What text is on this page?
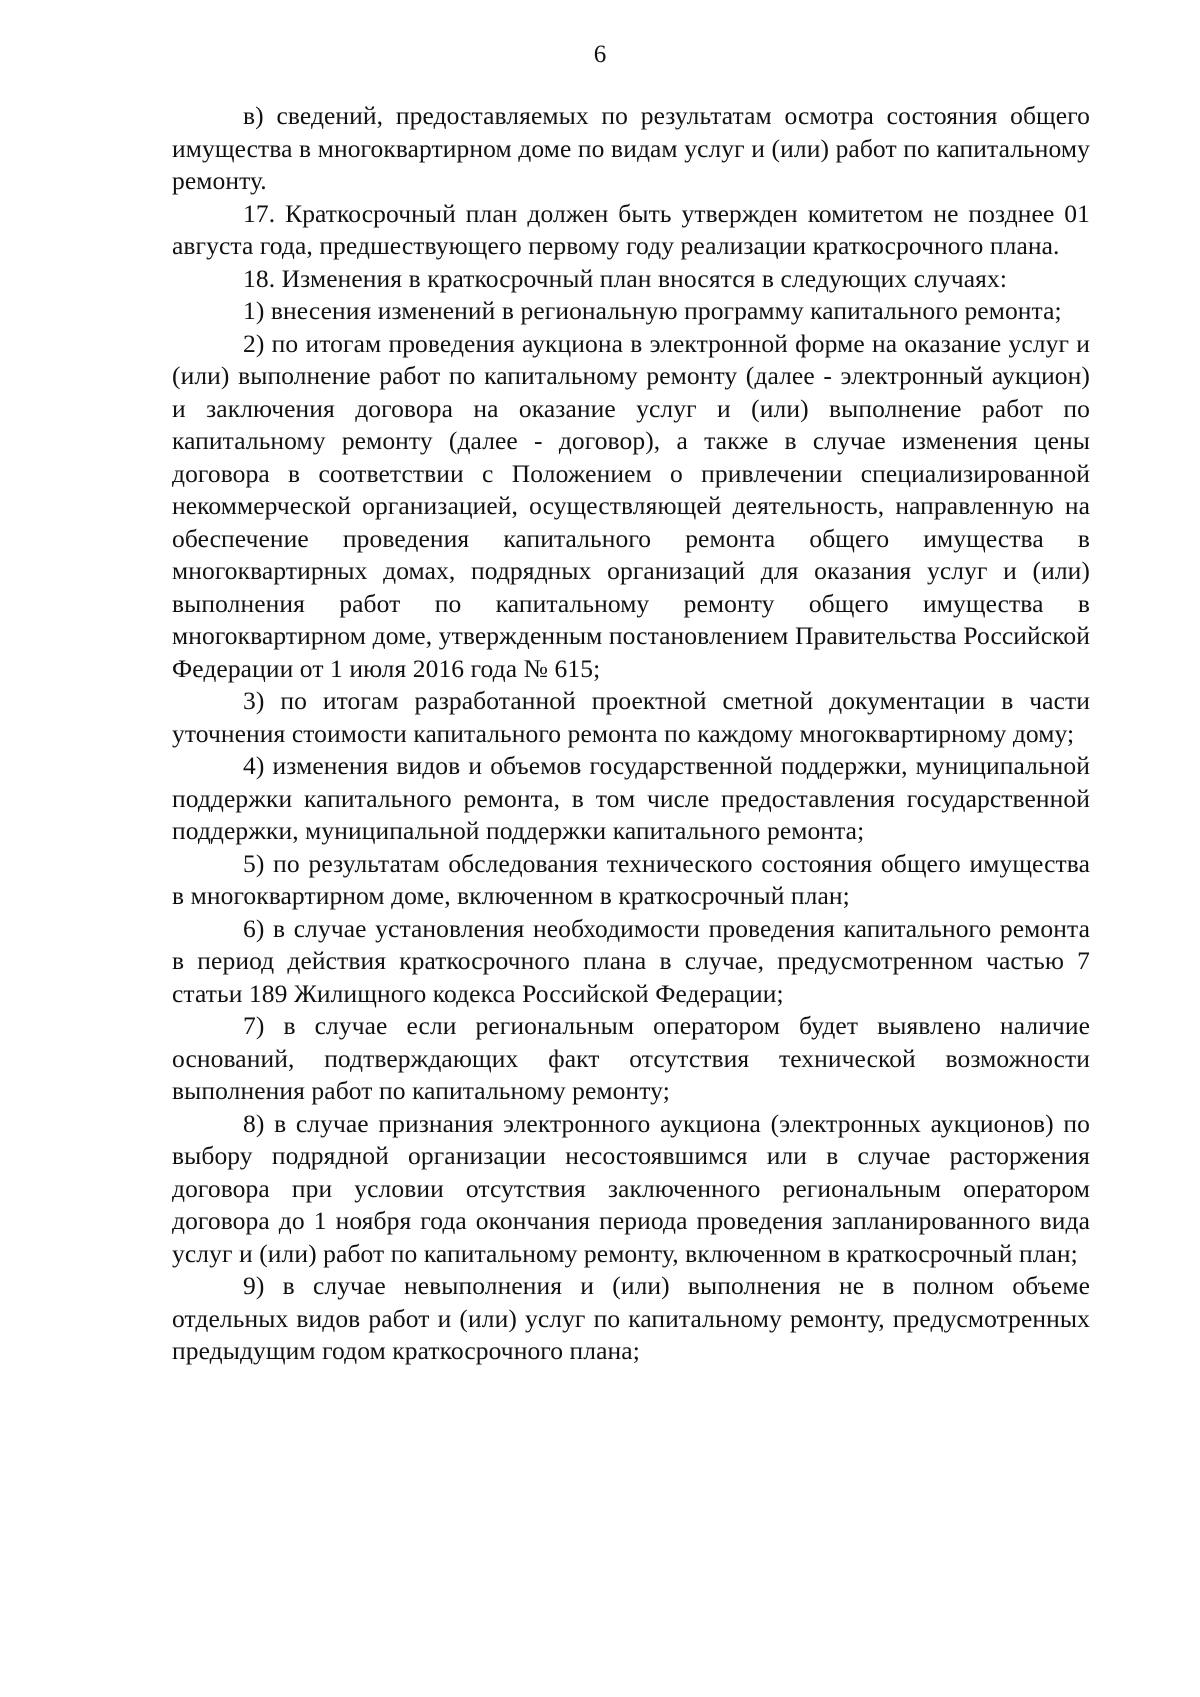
6

в) сведений, предоставляемых по результатам осмотра состояния общего имущества в многоквартирном доме по видам услуг и (или) работ по капитальному ремонту.

17. Краткосрочный план должен быть утвержден комитетом не позднее 01 августа года, предшествующего первому году реализации краткосрочного плана.

18. Изменения в краткосрочный план вносятся в следующих случаях:

1) внесения изменений в региональную программу капитального ремонта;

2) по итогам проведения аукциона в электронной форме на оказание услуг и (или) выполнение работ по капитальному ремонту (далее - электронный аукцион) и заключения договора на оказание услуг и (или) выполнение работ по капитальному ремонту (далее - договор), а также в случае изменения цены договора в соответствии с Положением о привлечении специализированной некоммерческой организацией, осуществляющей деятельность, направленную на обеспечение проведения капитального ремонта общего имущества в многоквартирных домах, подрядных организаций для оказания услуг и (или) выполнения работ по капитальному ремонту общего имущества в многоквартирном доме, утвержденным постановлением Правительства Российской Федерации от 1 июля 2016 года № 615;

3) по итогам разработанной проектной сметной документации в части уточнения стоимости капитального ремонта по каждому многоквартирному дому;

4) изменения видов и объемов государственной поддержки, муниципальной поддержки капитального ремонта, в том числе предоставления государственной поддержки, муниципальной поддержки капитального ремонта;

5) по результатам обследования технического состояния общего имущества в многоквартирном доме, включенном в краткосрочный план;

6) в случае установления необходимости проведения капитального ремонта в период действия краткосрочного плана в случае, предусмотренном частью 7 статьи 189 Жилищного кодекса Российской Федерации;

7) в случае если региональным оператором будет выявлено наличие оснований, подтверждающих факт отсутствия технической возможности выполнения работ по капитальному ремонту;

8) в случае признания электронного аукциона (электронных аукционов) по выбору подрядной организации несостоявшимся или в случае расторжения договора при условии отсутствия заключенного региональным оператором договора до 1 ноября года окончания периода проведения запланированного вида услуг и (или) работ по капитальному ремонту, включенном в краткосрочный план;

9) в случае невыполнения и (или) выполнения не в полном объеме отдельных видов работ и (или) услуг по капитальному ремонту, предусмотренных предыдущим годом краткосрочного плана;
